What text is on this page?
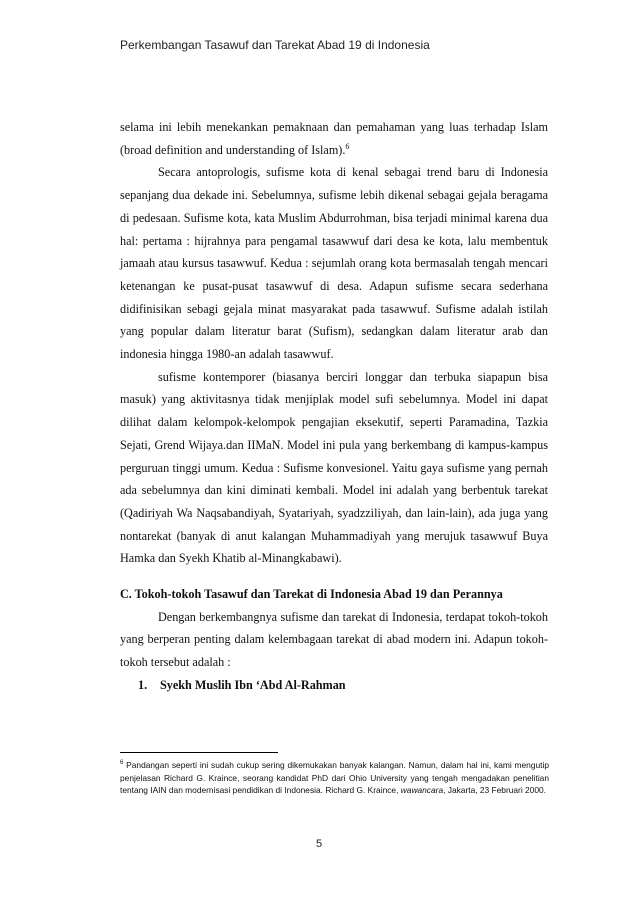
Perkembangan Tasawuf dan Tarekat Abad 19 di Indonesia

selama ini lebih menekankan pemaknaan dan pemahaman yang luas terhadap Islam (broad definition and understanding of Islam).$^6$

Secara antoprologis, sufisme kota di kenal sebagai trend baru di Indonesia sepanjang dua dekade ini. Sebelumnya, sufisme lebih dikenal sebagai gejala beragama di pedesaan. Sufisme kota, kata Muslim Abdurrohman, bisa terjadi minimal karena dua hal: pertama : hijrahnya para pengamal tasawwuf dari desa ke kota, lalu membentuk jamaah atau kursus tasawwuf. Kedua : sejumlah orang kota bermasalah tengah mencari ketenangan ke pusat-pusat tasawwuf di desa. Adapun sufisme secara sederhana didifinisikan sebagi gejala minat masyarakat pada tasawwuf. Sufisme adalah istilah yang popular dalam literatur barat (Sufism), sedangkan dalam literatur arab dan indonesia hingga 1980-an adalah tasawwuf.

sufisme kontemporer (biasanya berciri longgar dan terbuka siapapun bisa masuk) yang aktivitasnya tidak menjiplak model sufi sebelumnya. Model ini dapat dilihat dalam kelompok-kelompok pengajian eksekutif, seperti Paramadina, Tazkia Sejati, Grend Wijaya.dan IIMaN. Model ini pula yang berkembang di kampus-kampus perguruan tinggi umum. Kedua : Sufisme konvesionel. Yaitu gaya sufisme yang pernah ada sebelumnya dan kini diminati kembali. Model ini adalah yang berbentuk tarekat (Qadiriyah Wa Naqsabandiyah, Syatariyah, syadzziliyah, dan lain-lain), ada juga yang nontarekat (banyak di anut kalangan Muhammadiyah yang merujuk tasawwuf Buya Hamka dan Syekh Khatib al-Minangkabawi).

C. Tokoh-tokoh Tasawuf dan Tarekat di Indonesia Abad 19 dan Perannya

Dengan berkembangnya sufisme dan tarekat di Indonesia, terdapat tokoh-tokoh yang berperan penting dalam kelembagaan tarekat di abad modern ini. Adapun tokoh-tokoh tersebut adalah :

1. Syekh Muslih Ibn ‘Abd Al-Rahman

$^6$ Pandangan seperti ini sudah cukup sering dikemukakan banyak kalangan. Namun, dalam hal ini, kami mengutip penjelasan Richard G. Kraince, seorang kandidat PhD dari Ohio University yang tengah mengadakan penelitian tentang IAIN dan modernisasi pendidikan di Indonesia. Richard G. Kraince, wawancara, Jakarta, 23 Februari 2000.
5
